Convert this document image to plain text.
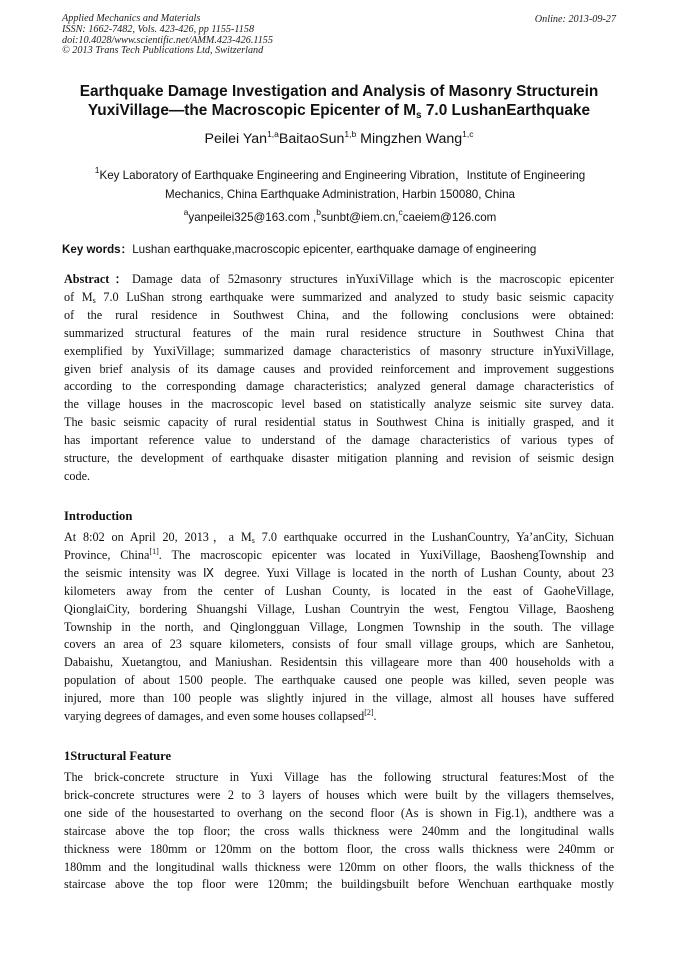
Applied Mechanics and Materials
ISSN: 1662-7482, Vols. 423-426, pp 1155-1158
doi:10.4028/www.scientific.net/AMM.423-426.1155
© 2013 Trans Tech Publications Ltd, Switzerland
Online: 2013-09-27
Earthquake Damage Investigation and Analysis of Masonry Structurein
YuxiVillage—the Macroscopic Epicenter of $M_s$ 7.0 LushanEarthquake
Peilei Yan$^{1,a}$BaitaoSun$^{1,b}$ Mingzhen Wang$^{1,c}$
$^1$Key Laboratory of Earthquake Engineering and Engineering Vibration，Institute of Engineering
Mechanics, China Earthquake Administration, Harbin 150080, China
$^a$yanpeilei325@163.com ,$^b$sunbt@iem.cn,$^c$caeiem@126.com
Key words：Lushan earthquake,macroscopic epicenter, earthquake damage of engineering
Abstract：Damage data of 52masonry structures inYuxiVillage which is the macroscopic epicenter
of $M_s$ 7.0 LuShan strong earthquake were summarized and analyzed to study basic seismic capacity
of the rural residence in Southwest China, and the following conclusions were obtained:
summarized structural features of the main rural residence structure in Southwest China that
exemplified by YuxiVillage; summarized damage characteristics of masonry structure inYuxiVillage,
given brief analysis of its damage causes and provided reinforcement and improvement suggestions
according to the corresponding damage characteristics; analyzed general damage characteristics of
the village houses in the macroscopic level based on statistically analyze seismic site survey data.
The basic seismic capacity of rural residential status in Southwest China is initially grasped, and it
has important reference value to understand of the damage characteristics of various types of
structure, the development of earthquake disaster mitigation planning and revision of seismic design
code.
Introduction
At 8:02 on April 20, 2013，a $M_s$ 7.0 earthquake occurred in the LushanCountry, Ya’anCity, Sichuan
Province, China[1]. The macroscopic epicenter was located in YuxiVillage, BaoshengTownship and
the seismic intensity was Ⅸ degree. Yuxi Village is located in the north of Lushan County, about 23
kilometers away from the center of Lushan County, is located in the east of GaoheVillage,
QionglaiCity, bordering Shuangshi Village, Lushan Countryin the west, Fengtou Village, Baosheng
Township in the north, and Qinglongguan Village, Longmen Township in the south. The village
covers an area of 23 square kilometers, consists of four small village groups, which are Sanhetou,
Dabaishu, Xuetangtou, and Maniushan. Residentsin this villageare more than 400 households with a
population of about 1500 people. The earthquake caused one people was killed, seven people was
injured, more than 100 people was slightly injured in the village, almost all houses have suffered
varying degrees of damages, and even some houses collapsed[2].
1Structural Feature
The brick-concrete structure in Yuxi Village has the following structural features:Most of the
brick-concrete structures were 2 to 3 layers of houses which were built by the villagers themselves,
one side of the housestarted to overhang on the second floor (As is shown in Fig.1), andthere was a
staircase above the top floor; the cross walls thickness were 240mm and the longitudinal walls
thickness were 180mm or 120mm on the bottom floor, the cross walls thickness were 240mm or
180mm and the longitudinal walls thickness were 120mm on other floors, the walls thickness of the
staircase above the top floor were 120mm; the buildingsbuilt before Wenchuan earthquake mostly
